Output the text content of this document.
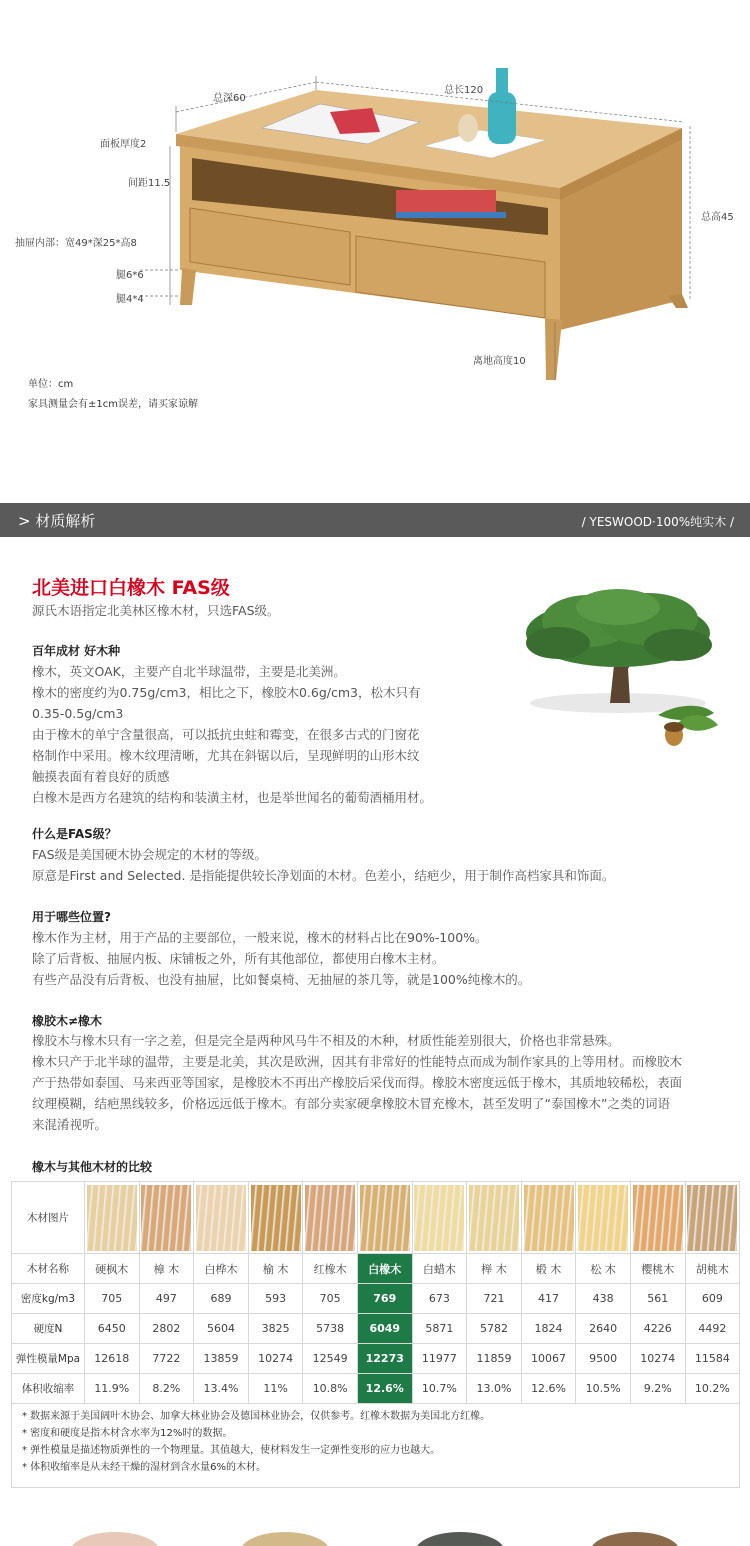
总深60
总长120
面板厚度2
间距11.5
抽屉内部：宽49*深25*高8
腿6*6
腿4*4
总高45
离地高度10
单位：cm
家具测量会有±1cm误差，请买家谅解
> 材质解析	/ YESWOOD·100%纯实木 /
北美进口白橡木 FAS级
源氏木语指定北美林区橡木材，只选FAS级。
百年成材 好木种
橡木，英文OAK，主要产自北半球温带，主要是北美洲。
橡木的密度约为0.75g/cm3，相比之下，橡胶木0.6g/cm3，松木只有
0.35-0.5g/cm3
由于橡木的单宁含量很高，可以抵抗虫蛀和霉变，在很多古式的门窗花
格制作中采用。橡木纹理清晰，尤其在斜锯以后，呈现鲜明的山形木纹
触摸表面有着良好的质感
白橡木是西方名建筑的结构和装潢主材，也是举世闻名的葡萄酒桶用材。
什么是FAS级？
FAS级是美国硬木协会规定的木材的等级。
原意是First and Selected. 是指能提供较长净划面的木材。色差小，结疤少，用于制作高档家具和饰面。
用于哪些位置?
橡木作为主材，用于产品的主要部位，一般来说，橡木的材料占比在90%-100%。
除了后背板、抽屉内板、床铺板之外，所有其他部位，都使用白橡木主材。
有些产品没有后背板、也没有抽屉，比如餐桌椅、无抽屉的茶几等，就是100%纯橡木的。
橡胶木≠橡木
橡胶木与橡木只有一字之差，但是完全是两种风马牛不相及的木种，材质性能差别很大，价格也非常悬殊。
橡木只产于北半球的温带，主要是北美，其次是欧洲，因其有非常好的性能特点而成为制作家具的上等用材。而橡胶木
产于热带如泰国、马来西亚等国家，是橡胶木不再出产橡胶后采伐而得。橡胶木密度远低于橡木，其质地较稀松，表面
纹理模糊，结疤黑线较多，价格远远低于橡木。有部分卖家硬拿橡胶木冒充橡木，甚至发明了“泰国橡木”之类的词语
来混淆视听。
橡木与其他木材的比较
木材图片	

木材名称	硬枫木	樟 木	白桦木	榆 木	红橡木	白橡木	白蜡木	榉 木	椴 木	松 木	樱桃木	胡桃木
密度kg/m3	705	497	689	593	705	769	673	721	417	438	561	609
硬度N	6450	2802	5604	3825	5738	6049	5871	5782	1824	2640	4226	4492
弹性模量Mpa	12618	7722	13859	10274	12549	12273	11977	11859	10067	9500	10274	11584
体积收缩率	11.9%	8.2%	13.4%	11%	10.8%	12.6%	10.7%	13.0%	12.6%	10.5%	9.2%	10.2%
* 数据来源于美国阔叶木协会、加拿大林业协会及德国林业协会，仅供参考。红橡木数据为美国北方红橡。
* 密度和硬度是指木材含水率为12%时的数据。
* 弹性模量是描述物质弹性的一个物理量。其值越大，使材料发生一定弹性变形的应力也越大。
* 体积收缩率是从未经干燥的湿材到含水量6%的木材。
